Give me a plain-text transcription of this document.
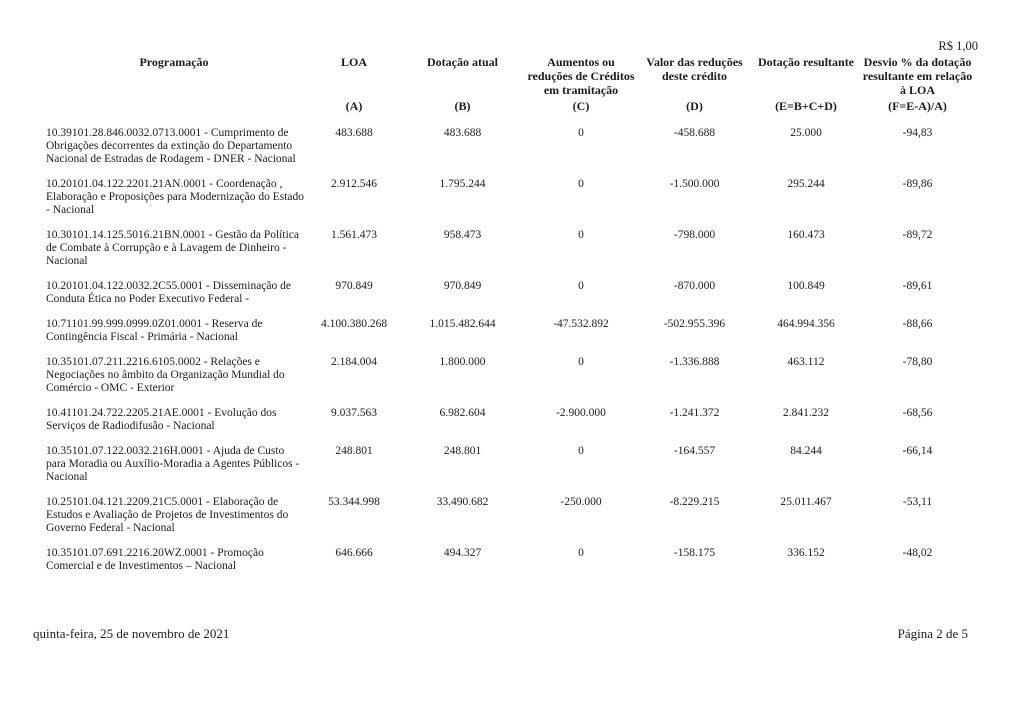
R$ 1,00
Programação	LOA	Dotação atual	Aumentos ou reduções de Créditos em tramitação	Valor das reduções deste crédito	Dotação resultante	Desvio % da dotação resultante em relação à LOA
	(A)	(B)	(C)	(D)	(E=B+C+D)	(F=E-A)/A)
10.39101.28.846.0032.0713.0001 - Cumprimento de Obrigações decorrentes da extinção do Departamento Nacional de Estradas de Rodagem - DNER - Nacional	483.688	483.688	0	-458.688	25.000	-94,83
10.20101.04.122.2201.21AN.0001 - Coordenação , Elaboração e Proposições para Modernização do Estado - Nacional	2.912.546	1.795.244	0	-1.500.000	295.244	-89,86
10.30101.14.125.5016.21BN.0001 - Gestão da Política de Combate à Corrupção e à Lavagem de Dinheiro - Nacional	1.561.473	958.473	0	-798.000	160.473	-89,72
10.20101.04.122.0032.2C55.0001 - Disseminação de Conduta Ética no Poder Executivo Federal -	970.849	970.849	0	-870.000	100.849	-89,61
10.71101.99.999.0999.0Z01.0001 - Reserva de Contingência Fiscal - Primária - Nacional	4.100.380.268	1.015.482.644	-47.532.892	-502.955.396	464.994.356	-88,66
10.35101.07.211.2216.6105.0002 - Relações e Negociações no âmbito da Organização Mundial do Comércio - OMC - Exterior	2.184.004	1.800.000	0	-1.336.888	463.112	-78,80
10.41101.24.722.2205.21AE.0001 - Evolução dos Serviços de Radiodifusão - Nacional	9.037.563	6.982.604	-2.900.000	-1.241.372	2.841.232	-68,56
10.35101.07.122.0032.216H.0001 - Ajuda de Custo para Moradia ou Auxílio-Moradia a Agentes Públicos - Nacional	248.801	248.801	0	-164.557	84.244	-66,14
10.25101.04.121.2209.21C5.0001 - Elaboração de Estudos e Avaliação de Projetos de Investimentos do Governo Federal - Nacional	53.344.998	33.490.682	-250.000	-8.229.215	25.011.467	-53,11
10.35101.07.691.2216.20WZ.0001 - Promoção Comercial e de Investimentos – Nacional	646.666	494.327	0	-158.175	336.152	-48,02
quinta-feira, 25 de novembro de 2021	Página 2 de 5
